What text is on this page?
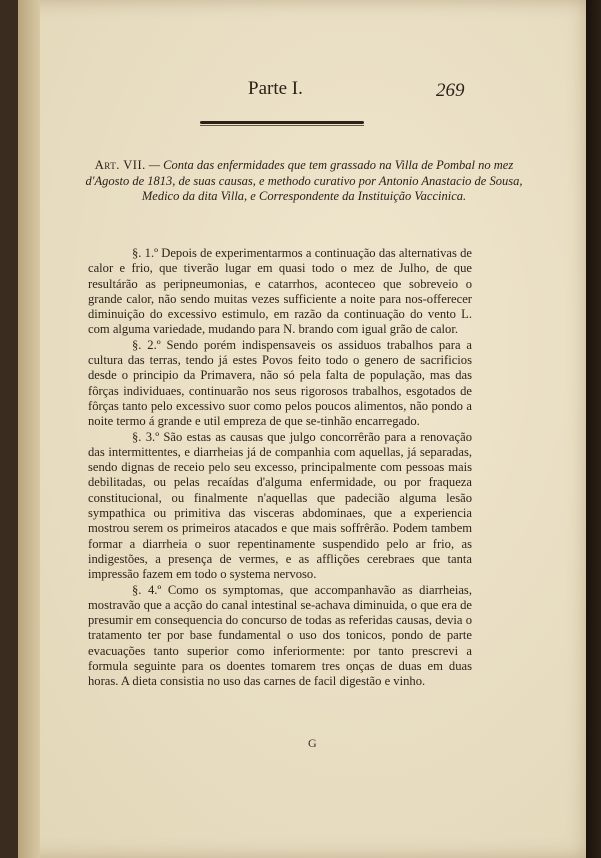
Parte I.	269
Art. VII. — Conta das enfermidades que tem grassado na Villa de Pombal no mez d'Agosto de 1813, de suas causas, e methodo curativo por Antonio Anastacio de Sousa, Medico da dita Villa, e Correspondente da Instituição Vaccinica.

§. 1.º Depois de experimentarmos a continuação das alternativas de calor e frio, que tiverão lugar em quasi todo o mez de Julho, de que resultárão as peripneumonias, e catarrhos, aconteceo que sobreveio o grande calor, não sendo muitas vezes sufficiente a noite para nos-offerecer diminuição do excessivo estimulo, em razão da continuação do vento L. com alguma variedade, mudando para N. brando com igual grão de calor.

§. 2.º Sendo porém indispensaveis os assiduos trabalhos para a cultura das terras, tendo já estes Povos feito todo o genero de sacrificios desde o principio da Primavera, não só pela falta de população, mas das fôrças individuaes, continuarão nos seus rigorosos trabalhos, esgotados de fôrças tanto pelo excessivo suor como pelos poucos alimentos, não pondo a noite termo á grande e util empreza de que se-tinhão encarregado.

§. 3.º São estas as causas que julgo concorrêrão para a renovação das intermittentes, e diarrheias já de companhia com aquellas, já separadas, sendo dignas de receio pelo seu excesso, principalmente com pessoas mais debilitadas, ou pelas recaídas d'alguma enfermidade, ou por fraqueza constitucional, ou finalmente n'aquellas que padecião alguma lesão sympathica ou primitiva das visceras abdominaes, que a experiencia mostrou serem os primeiros atacados e que mais soffrêrão. Podem tambem formar a diarrheia o suor repentinamente suspendido pelo ar frio, as indigestões, a presença de vermes, e as afflições cerebraes que tanta impressão fazem em todo o systema nervoso.

§. 4.º Como os symptomas, que accompanhavão as diarrheias, mostravão que a acção do canal intestinal se-achava diminuida, o que era de presumir em consequencia do concurso de todas as referidas causas, devia o tratamento ter por base fundamental o uso dos tonicos, pondo de parte evacuações tanto superior como inferiormente: por tanto prescrevi a formula seguinte para os doentes tomarem tres onças de duas em duas horas. A dieta consistia no uso das carnes de facil digestão e vinho.

G
